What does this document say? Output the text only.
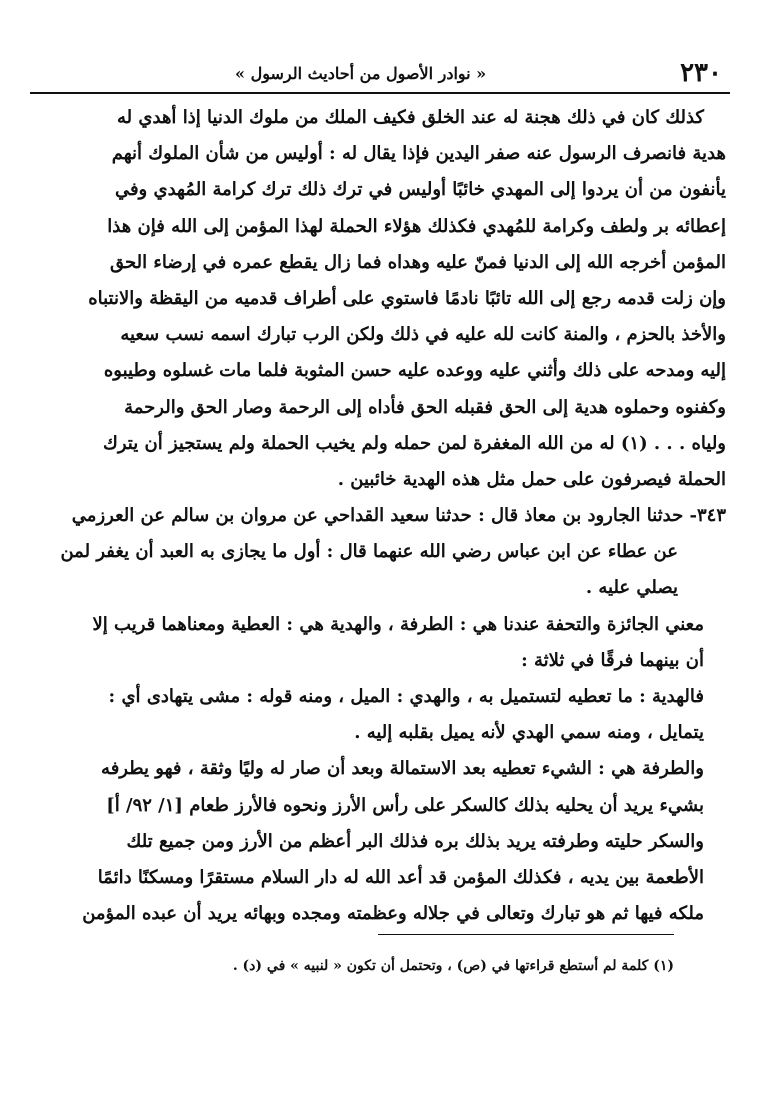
٢٣٠
« نوادر الأصول من أحاديث الرسول »
كذلك كان في ذلك هجنة له عند الخلق فكيف الملك من ملوك الدنيا إذا أهدي له
هدية فانصرف الرسول عنه صفر اليدين فإذا يقال له : أوليس من شأن الملوك أنهم
يأنفون من أن يردوا إلى المهدي خائبًا أوليس في ترك ذلك ترك كرامة المُهدي وفي
إعطائه بر ولطف وكرامة للمُهدي فكذلك هؤلاء الحملة لهذا المؤمن إلى الله فإن هذا
المؤمن أخرجه الله إلى الدنيا فمنّ عليه وهداه فما زال يقطع عمره في إرضاء الحق
وإن زلت قدمه رجع إلى الله تائبًا نادمًا فاستوي على أطراف قدميه من اليقظة والانتباه
والأخذ بالحزم ، والمنة كانت لله عليه في ذلك ولكن الرب تبارك اسمه نسب سعيه
إليه ومدحه على ذلك وأثني عليه ووعده عليه حسن المثوبة فلما مات غسلوه وطيبوه
وكفنوه وحملوه هدية إلى الحق فقبله الحق فأداه إلى الرحمة وصار الحق والرحمة
ولياه . . . (١) له من الله المغفرة لمن حمله ولم يخيب الحملة ولم يستجيز أن يترك
الحملة فيصرفون على حمل مثل هذه الهدية خائبين .
٣٤٣- حدثنا الجارود بن معاذ قال : حدثنا سعيد القداحي عن مروان بن سالم عن العرزمي
عن عطاء عن ابن عباس رضي الله عنهما قال : أول ما يجازى به العبد أن يغفر لمن
يصلي عليه .
معني الجائزة والتحفة عندنا هي : الطرفة ، والهدية هي : العطية ومعناهما قريب إلا
أن بينهما فرقًا في ثلاثة :
فالهدية : ما تعطيه لتستميل به ، والهدي : الميل ، ومنه قوله : مشى يتهادى أي :
يتمايل ، ومنه سمي الهدي لأنه يميل بقلبه إليه .
والطرفة هي : الشيء تعطيه بعد الاستمالة وبعد أن صار له وليًا وثقة ، فهو يطرفه
بشيء يريد أن يحليه بذلك كالسكر على رأس الأرز ونحوه فالأرز طعام [١/ ٩٢/ أ]
والسكر حليته وطرفته يريد بذلك بره فذلك البر أعظم من الأرز ومن جميع تلك
الأطعمة بين يديه ، فكذلك المؤمن قد أعد الله له دار السلام مستقرًا ومسكنًا دائمًا
ملكه فيها ثم هو تبارك وتعالى في جلاله وعظمته ومجده وبهائه يريد أن عبده المؤمن
(١) كلمة لم أستطع قراءتها في (ص) ، وتحتمل أن تكون « لنبيه » في (د) .
